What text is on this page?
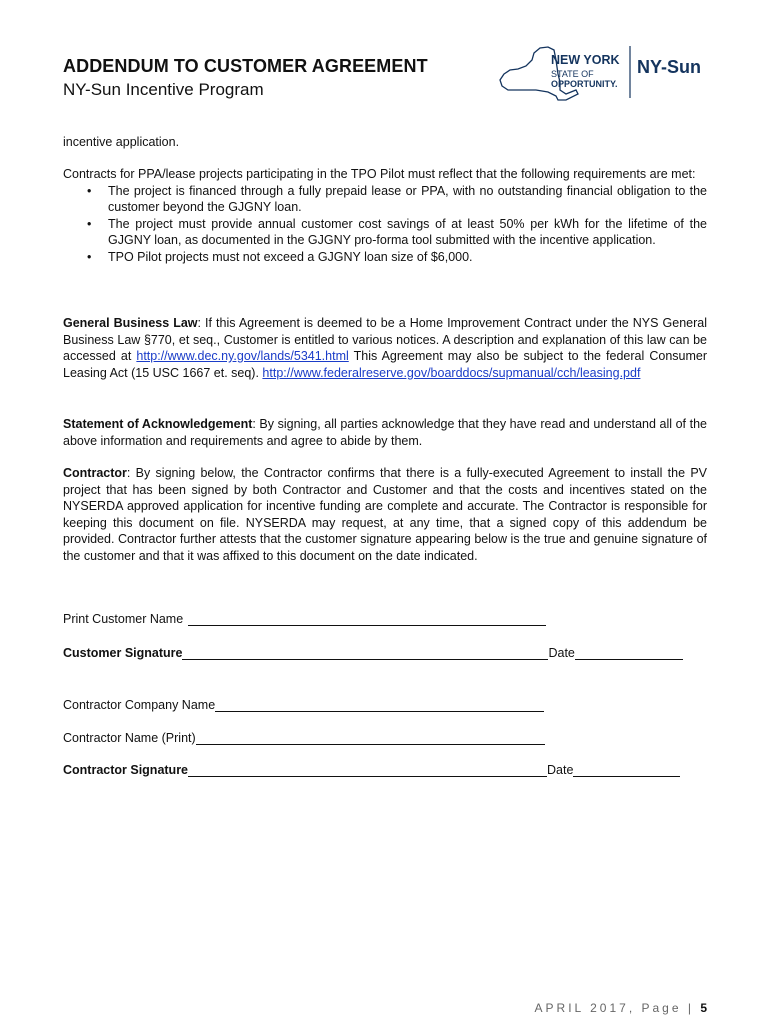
ADDENDUM TO CUSTOMER AGREEMENT
NY-Sun Incentive Program
NEW YORK
STATE OF
OPPORTUNITY.
NY-Sun
incentive application.

Contracts for PPA/lease projects participating in the TPO Pilot must reflect that the following requirements are met:

• The project is financed through a fully prepaid lease or PPA, with no outstanding financial obligation to the customer beyond the GJGNY loan.
• The project must provide annual customer cost savings of at least 50% per kWh for the lifetime of the GJGNY loan, as documented in the GJGNY pro-forma tool submitted with the incentive application.
• TPO Pilot projects must not exceed a GJGNY loan size of $6,000.

General Business Law: If this Agreement is deemed to be a Home Improvement Contract under the NYS General Business Law §770, et seq., Customer is entitled to various notices. A description and explanation of this law can be accessed at http://www.dec.ny.gov/lands/5341.html This Agreement may also be subject to the federal Consumer Leasing Act (15 USC 1667 et. seq). http://www.federalreserve.gov/boarddocs/supmanual/cch/leasing.pdf

Statement of Acknowledgement: By signing, all parties acknowledge that they have read and understand all of the above information and requirements and agree to abide by them.

Contractor: By signing below, the Contractor confirms that there is a fully-executed Agreement to install the PV project that has been signed by both Contractor and Customer and that the costs and incentives stated on the NYSERDA approved application for incentive funding are complete and accurate. The Contractor is responsible for keeping this document on file. NYSERDA may request, at any time, that a signed copy of this addendum be provided. Contractor further attests that the customer signature appearing below is the true and genuine signature of the customer and that it was affixed to this document on the date indicated.

Print Customer Name
Customer Signature	Date
Contractor Company Name
Contractor Name (Print)
Contractor Signature	Date
APRIL 2017, Page | 5
